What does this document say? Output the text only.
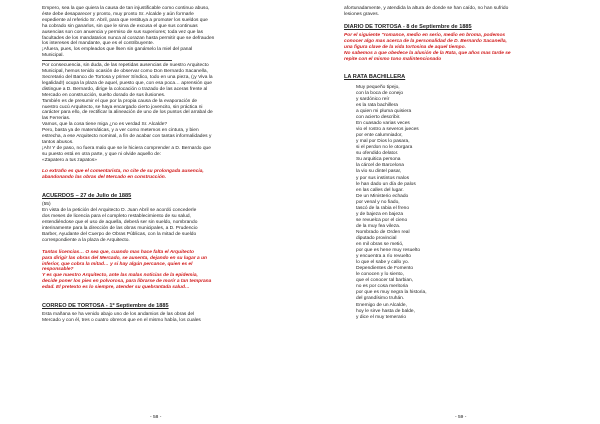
Empero, sea la que quiera la causa de tan injustificable como continuo abuso,

éste debe desaparecer y pronto, muy pronto Sr. Alcalde y aún formarle

expediente al referido Sr. Abril, para que restituya a promoter los sueldos que

ha cobrado sin ganarlos, sin que le sirva de excusa el que sus continuas

ausencias son con anuencia y permiso de sus superiores; toda vez que las

facultades de los mandatarios nunca al corazan hasta permitir que se defrauden

los intereses del mandante, que es el contribuyente.

¡Afuera, pues, los empleados que llsen sin ganárselo la miel del panal

Municipal.

Por consecuencia, sin duda, de las repetidas ausencias de nuestro Arquitecto

Municipal, hemos tenido ocasión de observar como Don Bernardo Sacanella,

Secretario del Banco de Tortosa y primer Síndico, todo en una pieza, (¡y Viva la

legalidad!) ocupa la plaza de aquel, puesto que, con esa poca… aprensión que

distingue a D. Bernardo, dirige la colocación o trazado de las aceras frente al

Mercado en construcción, suelto dorado de sus ilusiones.

También es de presumir el que por la propia causa de la evaporación de

nuestro cucú Arquitecto, se haya encargado cierto jovencito, sin práctica ni

carácter para ello, de rectificar la alineación de uno de los puntos del arrabal de

las Ferrerias.

Vamos, que la cosa tiene miga ¿no es verdad Sr. Alcalde?

Pero, basta ya de matemáticas, y a ver como metemos en cintura, y bien

estrecha, a ese Arquitecto nominal, a fin de acabar con tantas informalidades y

tantos abusos.

¡Ah! Y de paso, no fuera malo que se le hiciera comprender a D. Bernardo que

su puesto está en otra parte, y que ni olvide aquello de:

«Zapatero a tus zapatos»

Lo extraño es que el comentarista, no cite de su prolongada ausencia,

abandonando las obras del Mercado en construcción.

ACUERDOS – 27 de Julio de 1885

(55)

En vista de la petición del Arquitecto D. Juan Abril se acordó concederle

dos meses de licencia para el completo restablecimiento de su salud,

entendiéndose que el uso de aquella, deberá ser sin sueldo, nombrando

interinamente para la dirección de las obras municipales, a D. Prudencio

Barber, Ayudante del Cuerpo de Obras Públicas, con la mitad de sueldo

correspondiente a la plaza de Arquitecto.

Tantas licencias… O sea que, cuando mas hace falta el Arquitecto

para dirigir las obras del Mercado, se ausenta, dejando en su lugar a un

inferior, que cobra la mitad… y si hay algún percance, quien es el

responsable?

Y es que nuestro Arquitecto, ante las malas noticias de la epidemia,

decide poner los pies en polvorosa, para librarse de morir a tan temprana

edad. El pretexto es lo siempre, atender su quebrantada salud…

CORREO DE TORTOSA - 1º Septiembre de 1885

Esta mañana se ha venido abajo uno de los andamios de las obras del

Mercado y con él, tres o cuatro obreros que en el mismo había, los cuales

- 58 -

afortunadamente, y atendida la altura de donde se han caído, no han sufrido

lesiones graves.

DIARIO DE TORTOSA - 8 de Septiembre de 1885

Por el siguiente "romance, medio en serio, medio en broma, podemos

conocer algo mas acerca de la personalidad de D. Bernardo Sacanella,

una figura clave de la vida tortosina de aquel tiempo.

No sabemos a que obedece la alusión de la Rata, que años mas tarde se

repite con el mismo tono malintencionado

LA RATA BACHILLERA

Muy pequeño tipejo,

con la boca de conejo

y sardónico reír

es la rata bachillera

a quien mi pluma quisiera

con acierto describir.

En cuasado varias veces

vio el rostro a severos jueces

por ente calumniador,

y mal por Dios lo pasara,

si el perdon no le otorgara

su ofendido delator.

Su arquitica persona

la cárcel de Barcelona

la vio su dintel pasar,

y por sus instintos malos

le han dado un día de palos

en las calles del lugar.

De un Ministerio echado

por venal y no fiado,

tascó de la rabia el freno

y de bajeza en bajeza

se revuelca por el cieno

de la muy fea vileza.

Nombrado de Orden real

diputado provincial

en mil obras se metió,

por que es hene muy resuelto

y encuentra a río revuelto

lo que el sabe y callo yo.

Dependientes de Fomento

le conocen y lo siento,

que el conocer tal barbian,

no es por cosa meritoria

por que es muy negra la historia,

del grandísimo truhán.

Enemigo de un Alcalde,

hoy le sirve hasta de balde,

y dice el muy temerario

- 59 -
